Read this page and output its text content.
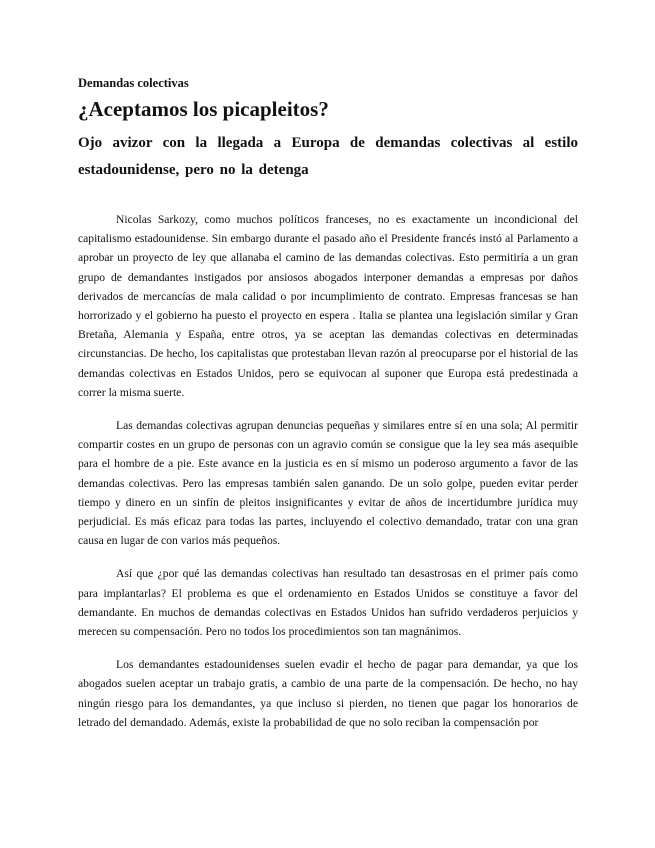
Demandas colectivas

¿Aceptamos los picapleitos?
Ojo avizor con la llegada a Europa de demandas colectivas al estilo estadounidense, pero no la detenga

Nicolas Sarkozy, como muchos políticos franceses, no es exactamente un incondicional del capitalismo estadounidense. Sin embargo durante el pasado año el Presidente francés instó al Parlamento a aprobar un proyecto de ley que allanaba el camino de las demandas colectivas. Esto permitiría a un gran grupo de demandantes instigados por ansiosos abogados interponer demandas a empresas por daños derivados de mercancías de mala calidad o por incumplimiento de contrato. Empresas francesas se han horrorizado y el gobierno ha puesto el proyecto en espera . Italia se plantea una legislación similar y Gran Bretaña, Alemania y España, entre otros, ya se aceptan las demandas colectivas en determinadas circunstancias. De hecho, los capitalistas que protestaban llevan razón al preocuparse por el historial de las demandas colectivas en Estados Unidos, pero se equivocan al suponer que Europa está predestinada a correr la misma suerte.

Las demandas colectivas agrupan denuncias pequeñas y similares entre sí en una sola; Al permitir compartir costes en un grupo de personas con un agravio común se consigue que la ley sea más asequible para el hombre de a pie. Este avance en la justicia es en sí mismo un poderoso argumento a favor de las demandas colectivas. Pero las empresas también salen ganando. De un solo golpe, pueden evitar perder tiempo y dinero en un sinfín de pleitos insignificantes y evitar de años de incertidumbre jurídica muy perjudicial. Es más eficaz para todas las partes, incluyendo el colectivo demandado, tratar con una gran causa en lugar de con varios más pequeños.

Así que ¿por qué las demandas colectivas han resultado tan desastrosas en el primer país como para implantarlas? El problema es que el ordenamiento en Estados Unidos se constituye a favor del demandante. En muchos de demandas colectivas en Estados Unidos han sufrido verdaderos perjuicios y merecen su compensación. Pero no todos los procedimientos son tan magnánimos.

Los demandantes estadounidenses suelen evadir el hecho de pagar para demandar, ya que los abogados suelen aceptar un trabajo gratis, a cambio de una parte de la compensación. De hecho, no hay ningún riesgo para los demandantes, ya que incluso si pierden, no tienen que pagar los honorarios de letrado del demandado. Además, existe la probabilidad de que no solo reciban la compensación por
